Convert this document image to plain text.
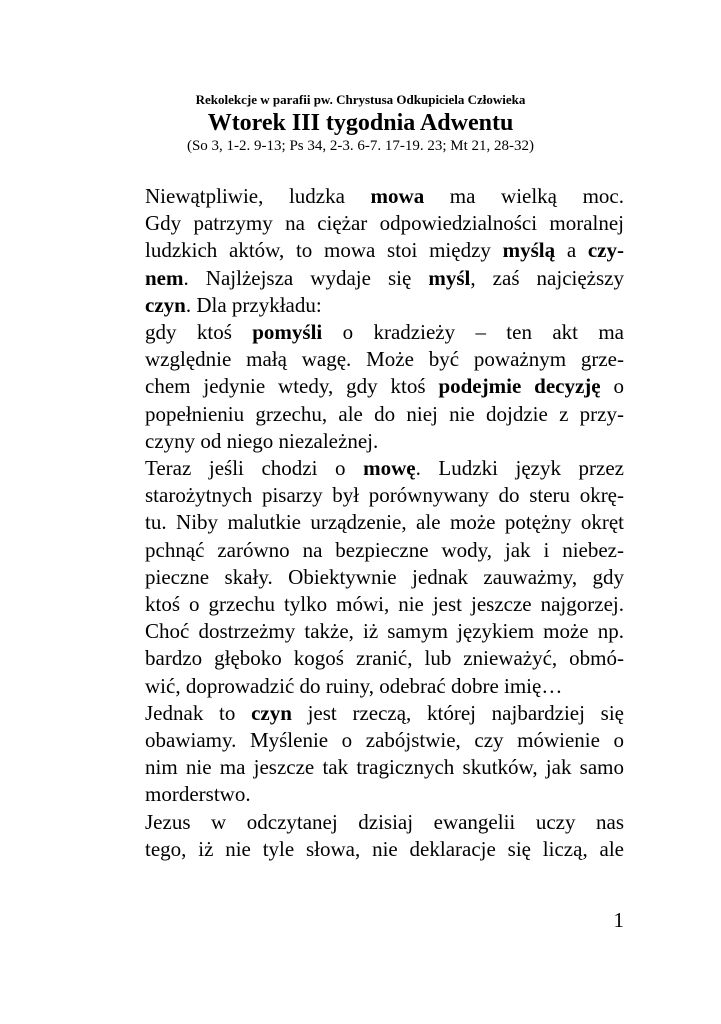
Rekolekcje w parafii pw. Chrystusa Odkupiciela Człowieka
Wtorek III tygodnia Adwentu
(So 3, 1-2. 9-13; Ps 34, 2-3. 6-7. 17-19. 23; Mt 21, 28-32)

Niewątpliwie, ludzka mowa ma wielką moc.
Gdy patrzymy na ciężar odpowiedzialności moralnej
ludzkich aktów, to mowa stoi między myślą a czy-
nem. Najlżejsza wydaje się myśl, zaś najcięższy
czyn. Dla przykładu:

gdy ktoś pomyśli o kradzieży – ten akt ma
względnie małą wagę. Może być poważnym grze-
chem jedynie wtedy, gdy ktoś podejmie decyzję o
popełnieniu grzechu, ale do niej nie dojdzie z przy-
czyny od niego niezależnej.

Teraz jeśli chodzi o mowę. Ludzki język przez
starożytnych pisarzy był porównywany do steru okrę-
tu. Niby malutkie urządzenie, ale może potężny okręt
pchnąć zarówno na bezpieczne wody, jak i niebez-
pieczne skały. Obiektywnie jednak zauważmy, gdy
ktoś o grzechu tylko mówi, nie jest jeszcze najgorzej.
Choć dostrzeżmy także, iż samym językiem może np.
bardzo głęboko kogoś zranić, lub znieważyć, obmó-
wić, doprowadzić do ruiny, odebrać dobre imię…

Jednak to czyn jest rzeczą, której najbardziej się
obawiamy. Myślenie o zabójstwie, czy mówienie o
nim nie ma jeszcze tak tragicznych skutków, jak samo
morderstwo.

Jezus w odczytanej dzisiaj ewangelii uczy nas
tego, iż nie tyle słowa, nie deklaracje się liczą, ale

1
